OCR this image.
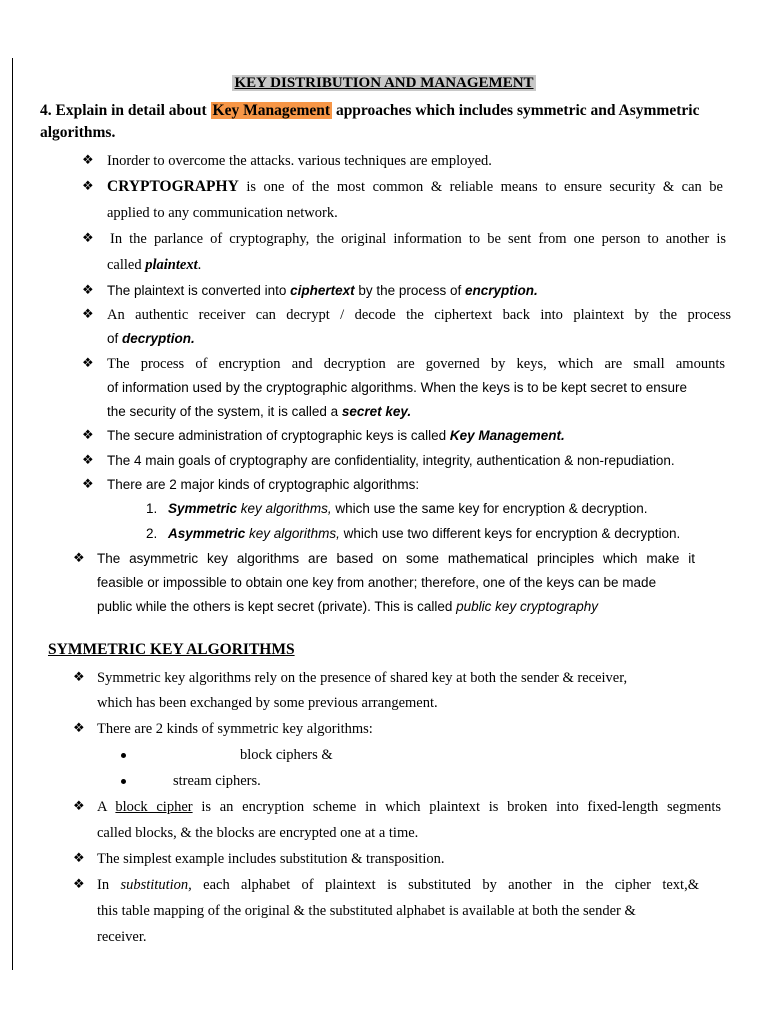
KEY DISTRIBUTION AND MANAGEMENT
4. Explain in detail about Key Management approaches which includes symmetric and Asymmetric algorithms.
❖ Inorder to overcome the attacks. various techniques are employed.
❖ CRYPTOGRAPHY is one of the most common & reliable means to ensure security & can be
applied to any communication network.
❖ In the parlance of cryptography, the original information to be sent from one person to another is
called plaintext.
❖ The plaintext is converted into ciphertext by the process of encryption.
❖ An authentic receiver can decrypt / decode the ciphertext back into plaintext by the process
of decryption.
❖ The process of encryption and decryption are governed by keys, which are small amounts
of information used by the cryptographic algorithms. When the keys is to be kept secret to ensure
the security of the system, it is called a secret key.
❖ The secure administration of cryptographic keys is called Key Management.
❖ The 4 main goals of cryptography are confidentiality, integrity, authentication & non-repudiation.
❖ There are 2 major kinds of cryptographic algorithms:
1. Symmetric key algorithms, which use the same key for encryption & decryption.
2. Asymmetric key algorithms, which use two different keys for encryption & decryption.
❖ The asymmetric key algorithms are based on some mathematical principles which make it
feasible or impossible to obtain one key from another; therefore, one of the keys can be made
public while the others is kept secret (private). This is called public key cryptography
SYMMETRIC KEY ALGORITHMS
❖ Symmetric key algorithms rely on the presence of shared key at both the sender & receiver,
which has been exchanged by some previous arrangement.
❖ There are 2 kinds of symmetric key algorithms:
block ciphers &
stream ciphers.
❖ A block cipher is an encryption scheme in which plaintext is broken into fixed-length segments
called blocks, & the blocks are encrypted one at a time.
❖ The simplest example includes substitution & transposition.
❖ In substitution, each alphabet of plaintext is substituted by another in the cipher text,&
this table mapping of the original & the substituted alphabet is available at both the sender &
receiver.
